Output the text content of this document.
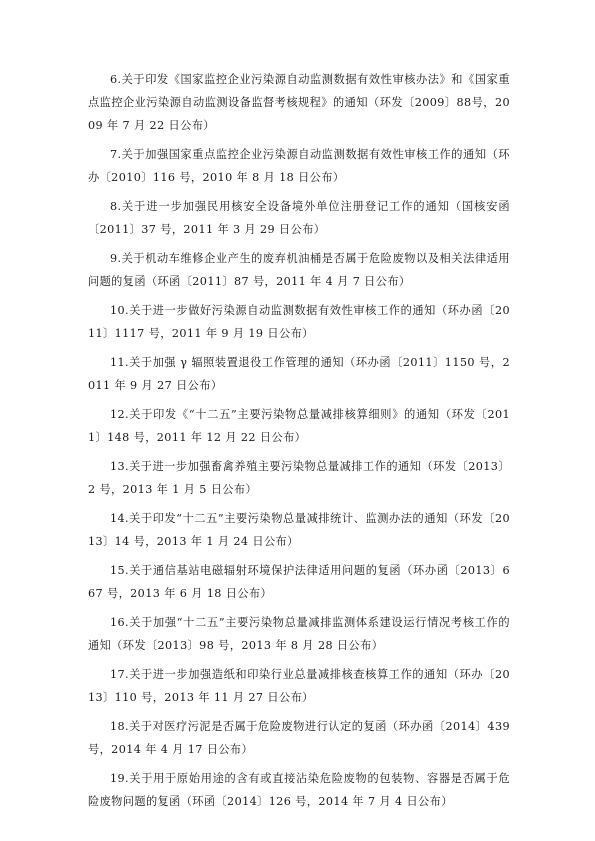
6.关于印发《国家监控企业污染源自动监测数据有效性审核办法》和《国家重点监控企业污染源自动监测设备监督考核规程》的通知（环发〔2009〕88号，2009 年 7 月 22 日公布）

7.关于加强国家重点监控企业污染源自动监测数据有效性审核工作的通知（环办〔2010〕116 号，2010 年 8 月 18 日公布）

8.关于进一步加强民用核安全设备境外单位注册登记工作的通知（国核安函〔2011〕37 号，2011 年 3 月 29 日公布）

9.关于机动车维修企业产生的废弃机油桶是否属于危险废物以及相关法律适用问题的复函（环函〔2011〕87 号，2011 年 4 月 7 日公布）

10.关于进一步做好污染源自动监测数据有效性审核工作的通知（环办函〔2011〕1117 号，2011 年 9 月 19 日公布）

11.关于加强 γ 辐照装置退役工作管理的通知（环办函〔2011〕1150 号，2011 年 9 月 27 日公布）

12.关于印发《“十二五”主要污染物总量减排核算细则》的通知（环发〔2011〕148 号，2011 年 12 月 22 日公布）

13.关于进一步加强畜禽养殖主要污染物总量减排工作的通知（环发〔2013〕2 号，2013 年 1 月 5 日公布）

14.关于印发“十二五”主要污染物总量减排统计、监测办法的通知（环发〔2013〕14 号，2013 年 1 月 24 日公布）

15.关于通信基站电磁辐射环境保护法律适用问题的复函（环办函〔2013〕667 号，2013 年 6 月 18 日公布）

16.关于加强“十二五”主要污染物总量减排监测体系建设运行情况考核工作的通知（环发〔2013〕98 号，2013 年 8 月 28 日公布）

17.关于进一步加强造纸和印染行业总量减排核查核算工作的通知（环办〔2013〕110 号，2013 年 11 月 27 日公布）

18.关于对医疗污泥是否属于危险废物进行认定的复函（环办函〔2014〕439 号，2014 年 4 月 17 日公布）

19.关于用于原始用途的含有或直接沾染危险废物的包装物、容器是否属于危险废物问题的复函（环函〔2014〕126 号，2014 年 7 月 4 日公布）
